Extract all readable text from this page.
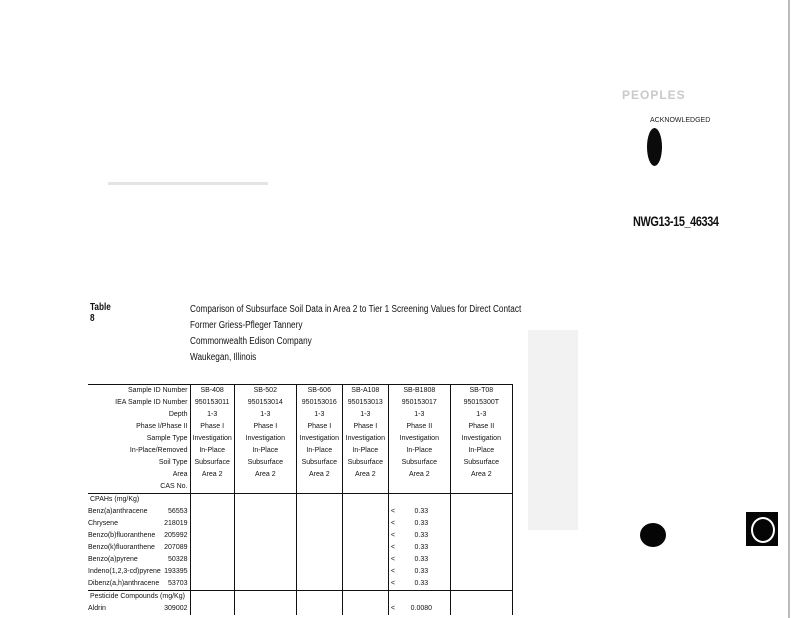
PEOPLES
ACKNOWLEDGED
NWG13-15_46334
Table 8
Comparison of Subsurface Soil Data in Area 2 to Tier 1 Screening Values for Direct Contact
Former Griess-Pfleger Tannery
Commonwealth Edison Company
Waukegan, Illinois
Sample ID Number	SB-408	SB-502	SB-606	SB-A108	SB-B1808	SB-T08
IEA Sample ID Number	950153011	950153014	950153016	950153013	950153017	95015300T
Depth	1-3	1-3	1-3	1-3	1-3	1-3
Phase I/Phase II	Phase I	Phase I	Phase I	Phase I	Phase II	Phase II
Sample Type	Investigation	Investigation	Investigation	Investigation	Investigation	Investigation
In-Place/Removed	In-Place	In-Place	In-Place	In-Place	In-Place	In-Place
Soil Type	Subsurface	Subsurface	Subsurface	Subsurface	Subsurface	Subsurface
Area	Area 2	Area 2	Area 2	Area 2	Area 2	Area 2
CAS No.						
CPAHs (mg/Kg)						
Benz(a)anthracene 56553					< 0.33	
Chrysene 218019					< 0.33	
Benzo(b)fluoranthene 205992					< 0.33	
Benzo(k)fluoranthene 207089					< 0.33	
Benzo(a)pyrene 50328					< 0.33	
Indeno(1,2,3-cd)pyrene 193395					< 0.33	
Dibenz(a,h)anthracene 53703					< 0.33	
Pesticide Compounds (mg/Kg)						
Aldrin 309002					< 0.0080	
